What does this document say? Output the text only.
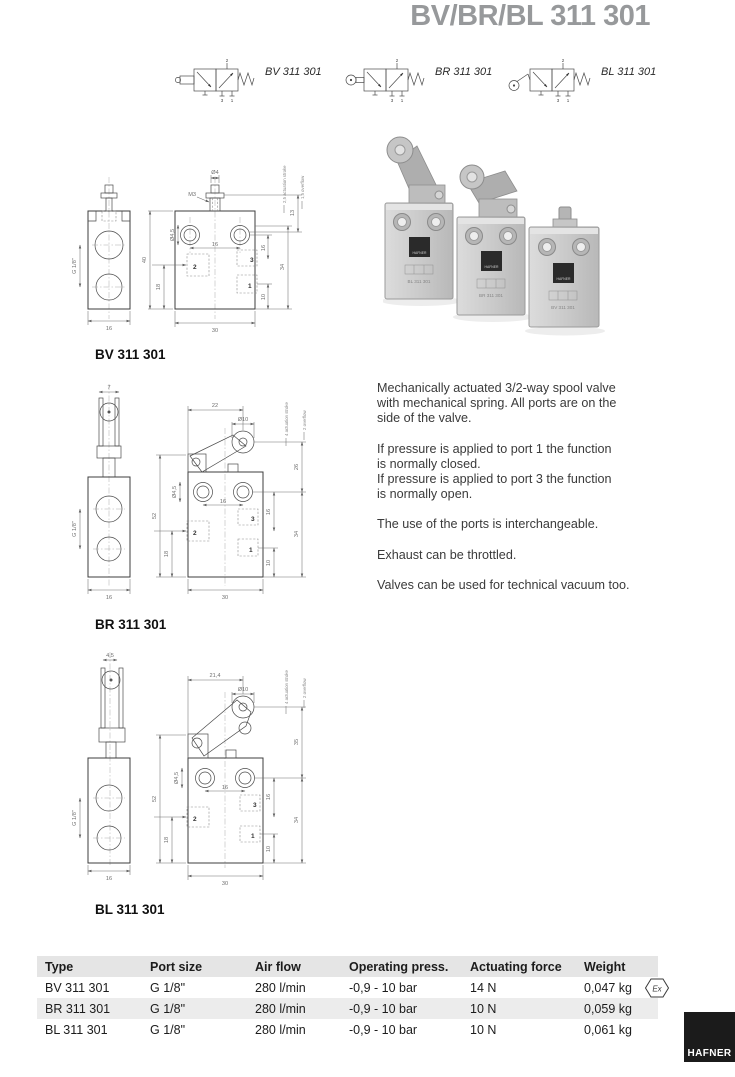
BV/BR/BL 311 301
2
3 1
BV 311 301
2
3 1
BR 311 301
2
3 1
BL 311 301
HAFNER
BL 311 301
HAFNER
BR 311 301
HAFNER
BV 311 301
G 1/8"
16
Ø4
M3
Ø4,5
16
3
2
1
40
18
30
16
10
34
13
2,5 actuation stroke	1,5 overflow
BV 311 301

Mechanically actuated 3/2-way spool valve
with mechanical spring. All ports are on the
side of the valve.

If pressure is applied to port 1 the function
is normally closed.
If pressure is applied to port 3 the function
is normally open.

The use of the ports is interchangeable.

Exhaust can be throttled.

Valves can be used for technical vacuum too.

7
G 1/8"
16
22
Ø10
Ø4,5
16
3
2
1
52
18
30
16
10
26
34
4 actuation stroke	2 overflow
BR 311 301
4,5
G 1/8"
16
21,4
Ø10
Ø4,5
16
3
2
1
52
18
30
16
10
35
34
4 actuation stroke	2 overflow
BL 311 301
Type	Port size	Air flow	Operating press.	Actuating force	Weight
BV 311 301	G 1/8"	280 l/min	-0,9 - 10 bar	14 N	0,047 kg
BR 311 301	G 1/8"	280 l/min	-0,9 - 10 bar	10 N	0,059 kg
BL 311 301	G 1/8"	280 l/min	-0,9 - 10 bar	10 N	0,061 kg
Ex
HAFNER
